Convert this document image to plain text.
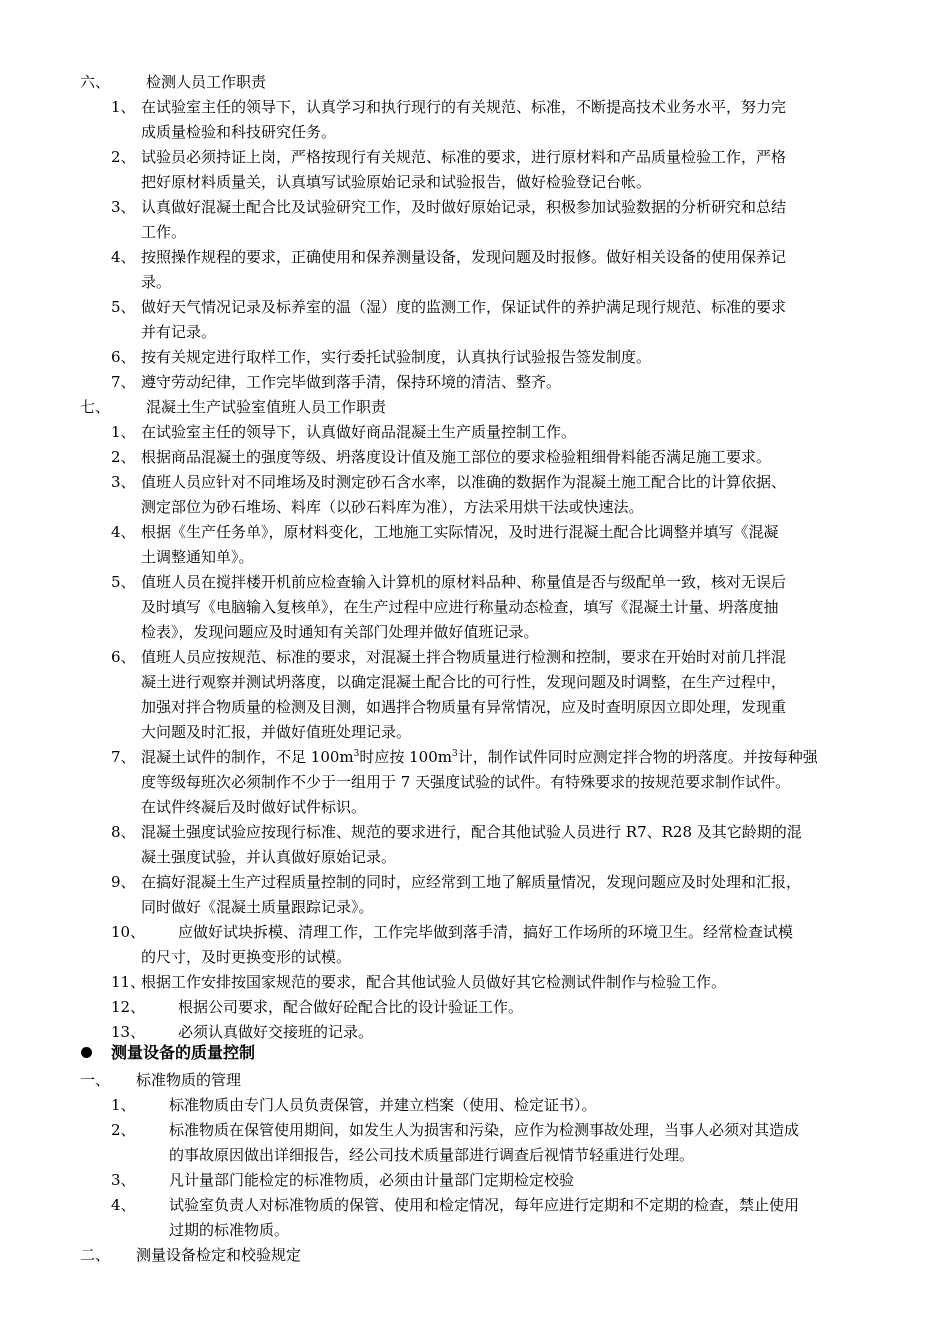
六、 检测人员工作职责
1、 在试验室主任的领导下，认真学习和执行现行的有关规范、标准，不断提高技术业务水平，努力完
成质量检验和科技研究任务。
2、 试验员必须持证上岗，严格按现行有关规范、标准的要求，进行原材料和产品质量检验工作，严格
把好原材料质量关，认真填写试验原始记录和试验报告，做好检验登记台帐。
3、 认真做好混凝土配合比及试验研究工作，及时做好原始记录，积极参加试验数据的分析研究和总结
工作。
4、 按照操作规程的要求，正确使用和保养测量设备，发现问题及时报修。做好相关设备的使用保养记
录。
5、 做好天气情况记录及标养室的温（湿）度的监测工作，保证试件的养护满足现行规范、标准的要求
并有记录。
6、 按有关规定进行取样工作，实行委托试验制度，认真执行试验报告签发制度。
7、 遵守劳动纪律，工作完毕做到落手清，保持环境的清洁、整齐。
七、 混凝土生产试验室值班人员工作职责
1、 在试验室主任的领导下，认真做好商品混凝土生产质量控制工作。
2、 根据商品混凝土的强度等级、坍落度设计值及施工部位的要求检验粗细骨料能否满足施工要求。
3、 值班人员应针对不同堆场及时测定砂石含水率，以准确的数据作为混凝土施工配合比的计算依据、
测定部位为砂石堆场、料库（以砂石料库为准），方法采用烘干法或快速法。
4、 根据《生产任务单》，原材料变化，工地施工实际情况，及时进行混凝土配合比调整并填写《混凝
土调整通知单》。
5、 值班人员在搅拌楼开机前应检查输入计算机的原材料品种、称量值是否与级配单一致，核对无误后
及时填写《电脑输入复核单》，在生产过程中应进行称量动态检查，填写《混凝土计量、坍落度抽
检表》，发现问题应及时通知有关部门处理并做好值班记录。
6、 值班人员应按规范、标准的要求，对混凝土拌合物质量进行检测和控制，要求在开始时对前几拌混
凝土进行观察并测试坍落度，以确定混凝土配合比的可行性，发现问题及时调整，在生产过程中，
加强对拌合物质量的检测及目测，如遇拌合物质量有异常情况，应及时查明原因立即处理，发现重
大问题及时汇报，并做好值班处理记录。
7、 混凝土试件的制作，不足 $100m^3$时应按 $100m^3$计，制作试件同时应测定拌合物的坍落度。并按每种强
度等级每班次必须制作不少于一组用于 7 天强度试验的试件。有特殊要求的按规范要求制作试件。
在试件终凝后及时做好试件标识。
8、 混凝土强度试验应按现行标准、规范的要求进行，配合其他试验人员进行 R7、R28 及其它龄期的混
凝土强度试验，并认真做好原始记录。
9、 在搞好混凝土生产过程质量控制的同时，应经常到工地了解质量情况，发现问题应及时处理和汇报，
同时做好《混凝土质量跟踪记录》。
10、 应做好试块拆模、清理工作，工作完毕做到落手清，搞好工作场所的环境卫生。经常检查试模
的尺寸，及时更换变形的试模。
11、
根据工作安排按国家规范的要求，配合其他试验人员做好其它检测试件制作与检验工作。
12、 根据公司要求，配合做好砼配合比的设计验证工作。
13、 必须认真做好交接班的记录。
测量设备的质量控制
一、 标准物质的管理
1、 标准物质由专门人员负责保管，并建立档案（使用、检定证书）。
2、 标准物质在保管使用期间，如发生人为损害和污染，应作为检测事故处理，当事人必须对其造成
的事故原因做出详细报告，经公司技术质量部进行调查后视情节轻重进行处理。
3、 凡计量部门能检定的标准物质，必须由计量部门定期检定校验
4、 试验室负责人对标准物质的保管、使用和检定情况，每年应进行定期和不定期的检查，禁止使用
过期的标准物质。
二、 测量设备检定和校验规定
